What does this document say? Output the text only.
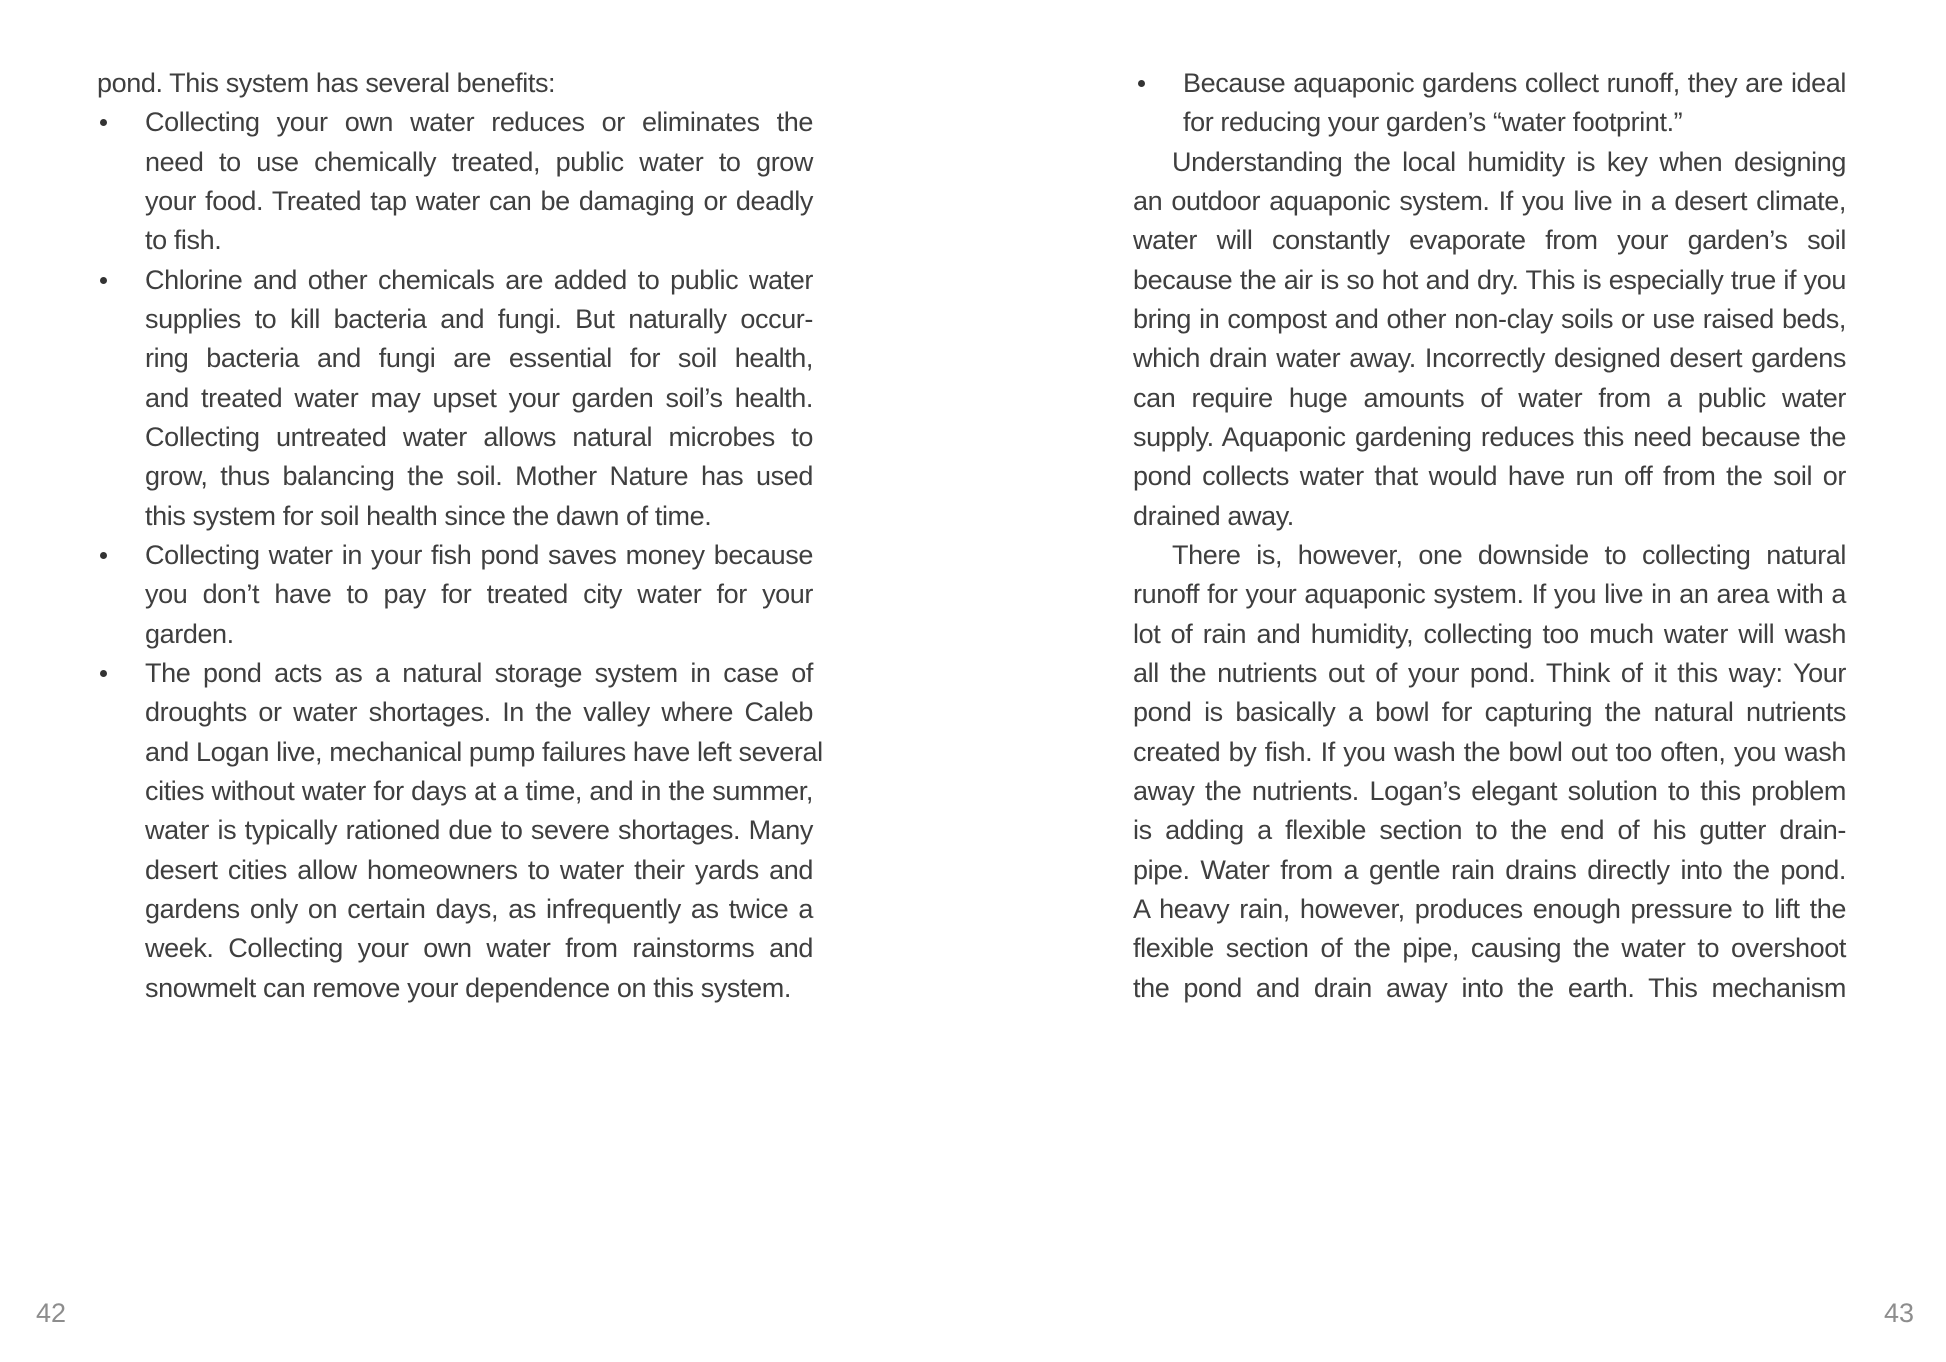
pond. This system has several benefits:
Collecting your own water reduces or eliminates the
need to use chemically treated, public water to grow
your food. Treated tap water can be damaging or deadly
to fish.
Chlorine and other chemicals are added to public water
supplies to kill bacteria and fungi. But naturally occur-
ring bacteria and fungi are essential for soil health,
and treated water may upset your garden soil’s health.
Collecting untreated water allows natural microbes to
grow, thus balancing the soil. Mother Nature has used
this system for soil health since the dawn of time.
Collecting water in your fish pond saves money because
you don’t have to pay for treated city water for your
garden.
The pond acts as a natural storage system in case of
droughts or water shortages. In the valley where Caleb
and Logan live, mechanical pump failures have left several
cities without water for days at a time, and in the summer,
water is typically rationed due to severe shortages. Many
desert cities allow homeowners to water their yards and
gardens only on certain days, as infrequently as twice a
week. Collecting your own water from rainstorms and
snowmelt can remove your dependence on this system.
Because aquaponic gardens collect runoff, they are ideal
for reducing your garden’s “water footprint.”
Understanding the local humidity is key when designing
an outdoor aquaponic system. If you live in a desert climate,
water will constantly evaporate from your garden’s soil
because the air is so hot and dry. This is especially true if you
bring in compost and other non-clay soils or use raised beds,
which drain water away. Incorrectly designed desert gardens
can require huge amounts of water from a public water
supply. Aquaponic gardening reduces this need because the
pond collects water that would have run off from the soil or
drained away.
There is, however, one downside to collecting natural
runoff for your aquaponic system. If you live in an area with a
lot of rain and humidity, collecting too much water will wash
all the nutrients out of your pond. Think of it this way: Your
pond is basically a bowl for capturing the natural nutrients
created by fish. If you wash the bowl out too often, you wash
away the nutrients. Logan’s elegant solution to this problem
is adding a flexible section to the end of his gutter drain-
pipe. Water from a gentle rain drains directly into the pond.
A heavy rain, however, produces enough pressure to lift the
flexible section of the pipe, causing the water to overshoot
the pond and drain away into the earth. This mechanism
42	43
